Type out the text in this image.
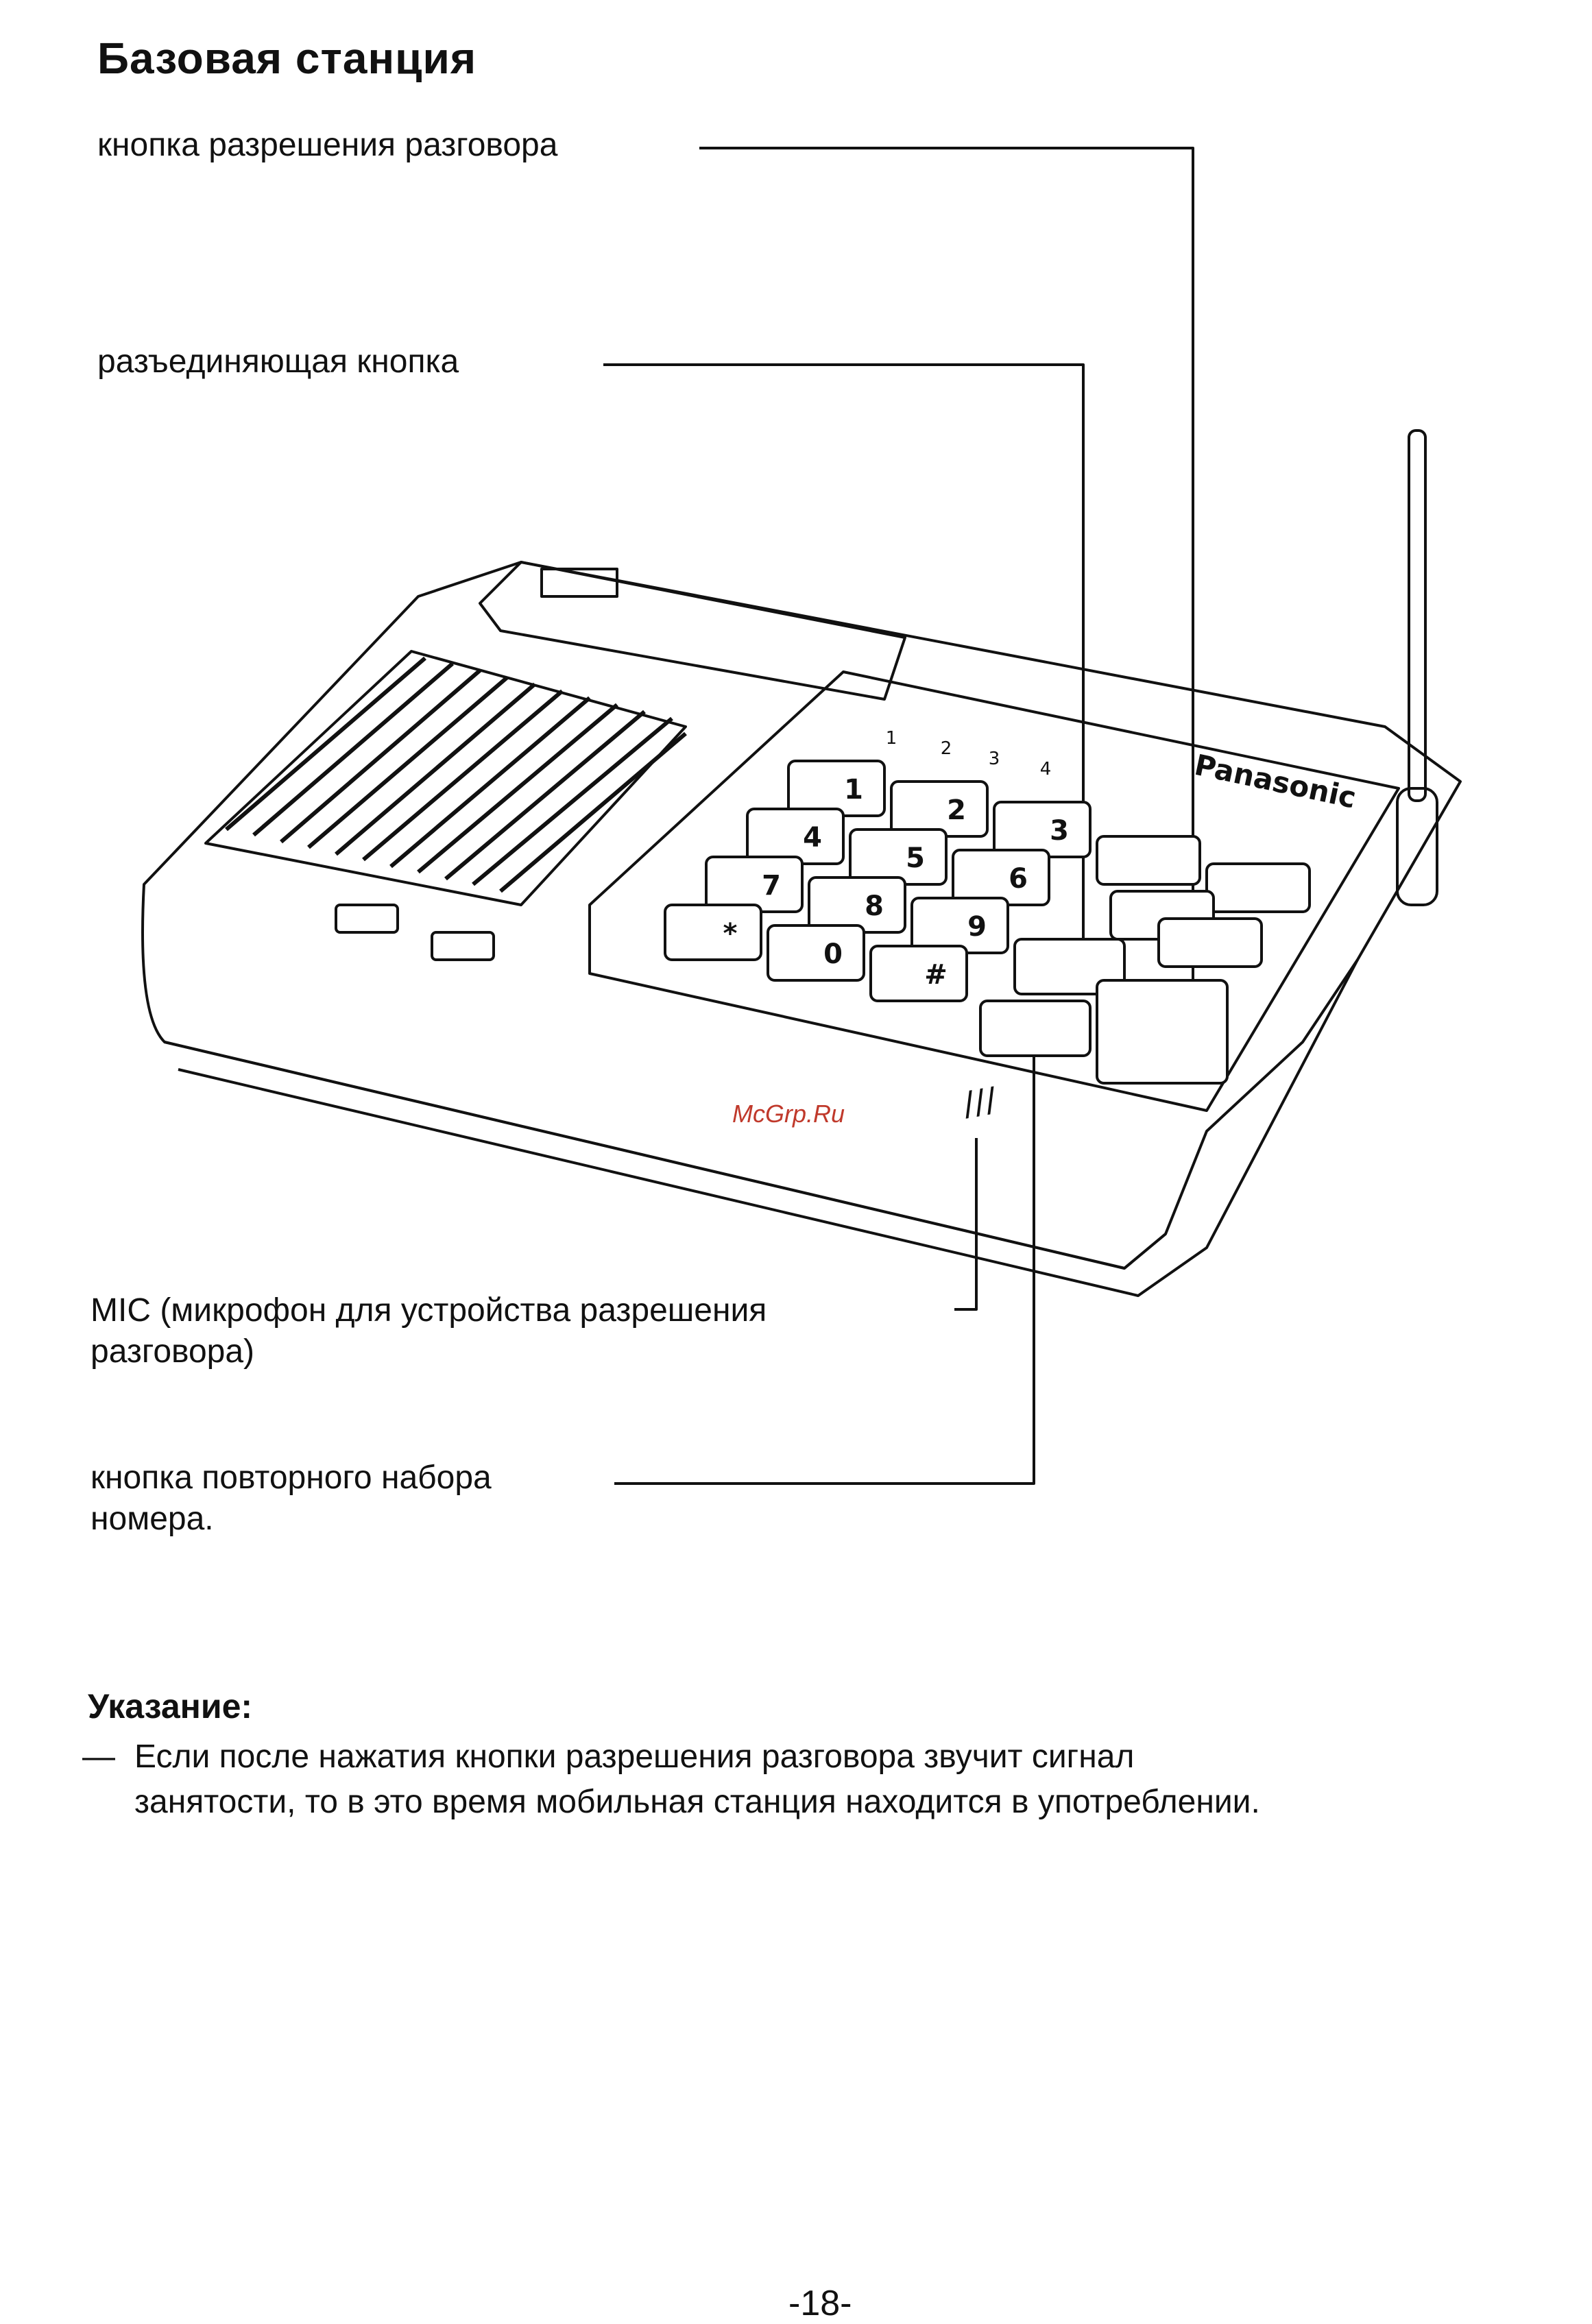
Базовая станция
кнопка разрешения разговора
разъединяющая кнопка
MIC (микрофон для устройства разрешения
разговора)
кнопка повторного набора
номера.
1
2
3
4
5
6
7
8
9
*
0
#
1 2 3 4	Panasonic
///
McGrp.Ru
Указание:
— Если после нажатия кнопки разрешения разговора звучит сигнал
занятости, то в это время мобильная станция находится в употреблении.
-18-
